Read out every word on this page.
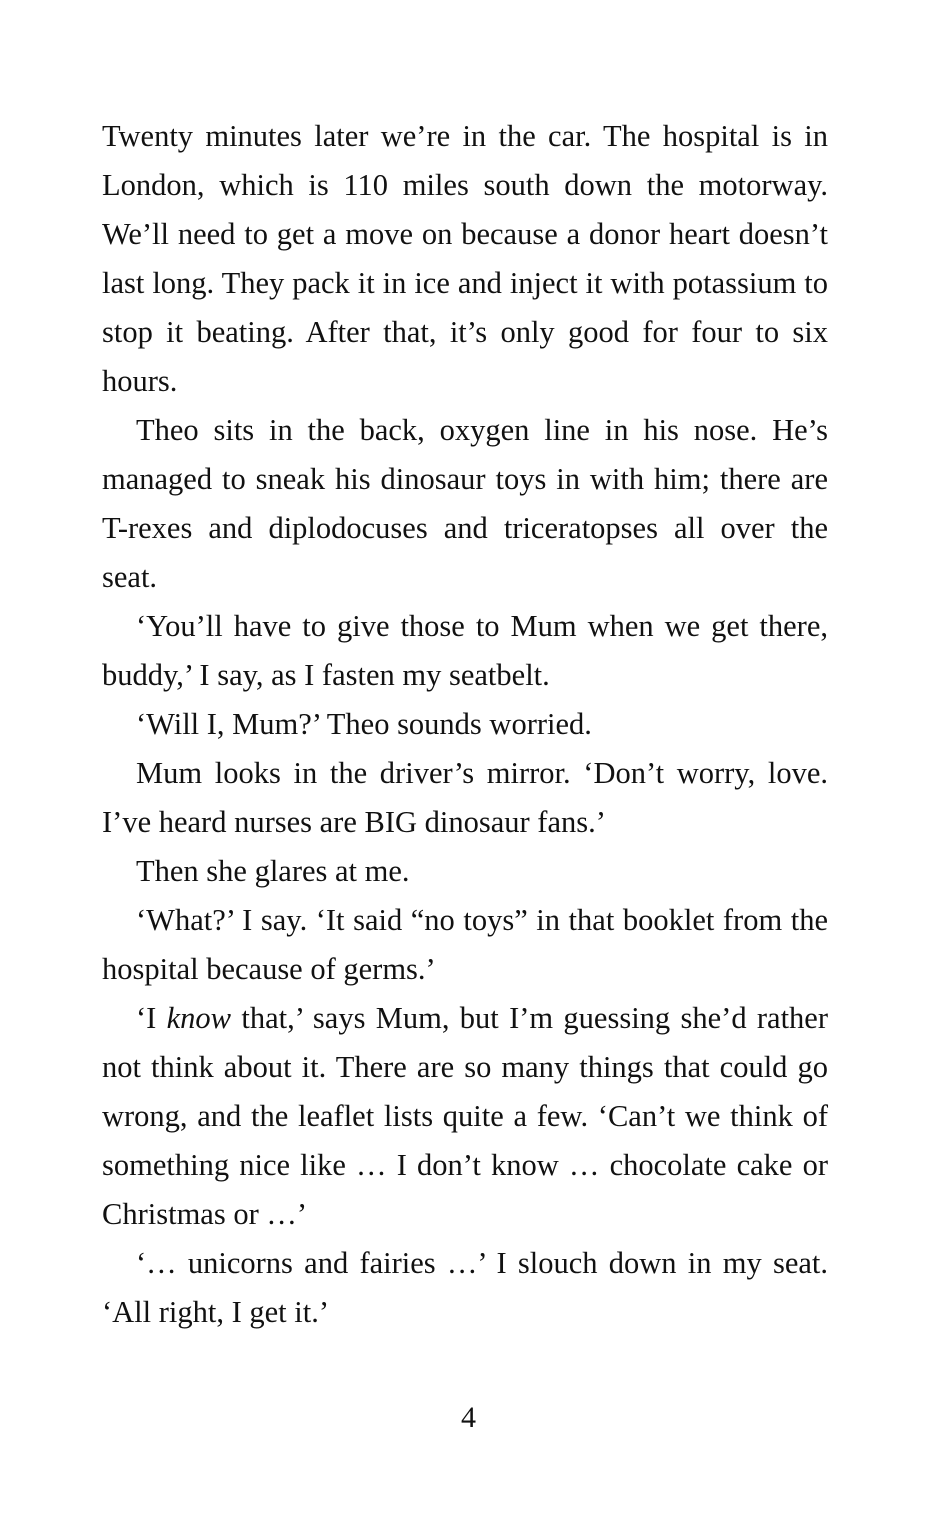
Twenty minutes later we’re in the car. The hospital is in London, which is 110 miles south down the motorway. We’ll need to get a move on because a donor heart doesn’t last long. They pack it in ice and inject it with potassium to stop it beating. After that, it’s only good for four to six hours.

Theo sits in the back, oxygen line in his nose. He’s managed to sneak his dinosaur toys in with him; there are T-rexes and diplodocuses and triceratopses all over the seat.

‘You’ll have to give those to Mum when we get there, buddy,’ I say, as I fasten my seatbelt.

‘Will I, Mum?’ Theo sounds worried.

Mum looks in the driver’s mirror. ‘Don’t worry, love. I’ve heard nurses are BIG dinosaur fans.’

Then she glares at me.

‘What?’ I say. ‘It said “no toys” in that booklet from the hospital because of germs.’

‘I know that,’ says Mum, but I’m guessing she’d rather not think about it. There are so many things that could go wrong, and the leaflet lists quite a few. ‘Can’t we think of something nice like … I don’t know … chocolate cake or Christmas or …’

‘… unicorns and fairies …’ I slouch down in my seat. ‘All right, I get it.’

4
